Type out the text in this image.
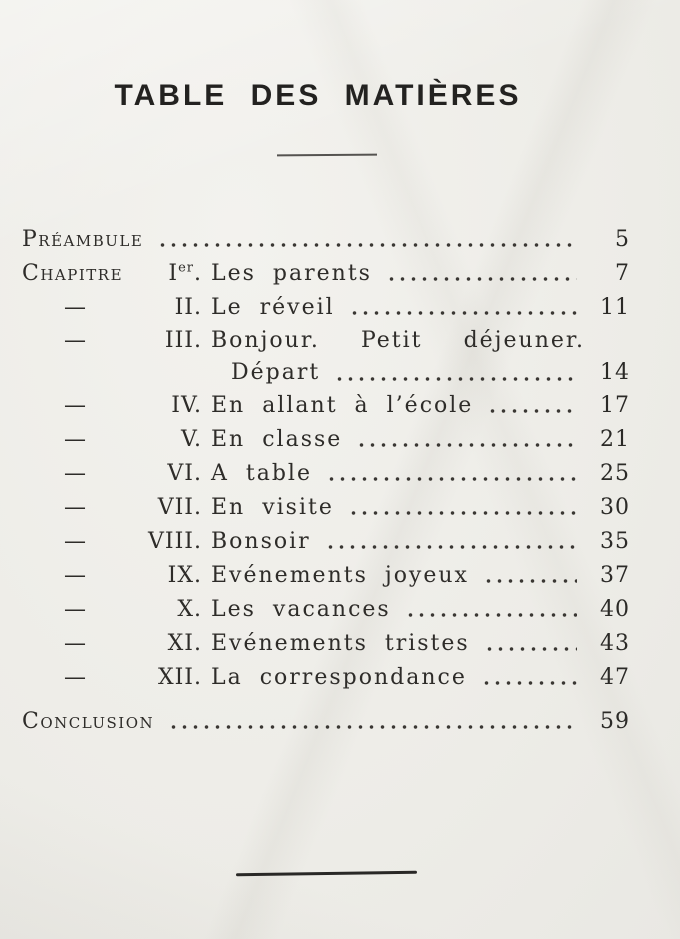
TABLE DES MATIÈRES
Préambule	5
Chapitre	Ier. Les parents	7
—	II. Le réveil	11
—	III. Bonjour. Petit déjeuner.
Départ	14
—	IV. En allant à l’école	17
—	V. En classe	21
—	VI. A table	25
—	VII. En visite	30
—	VIII. Bonsoir	35
—	IX. Evénements joyeux	37
—	X. Les vacances	40
—	XI. Evénements tristes	43
—	XII. La correspondance	47
Conclusion	59
